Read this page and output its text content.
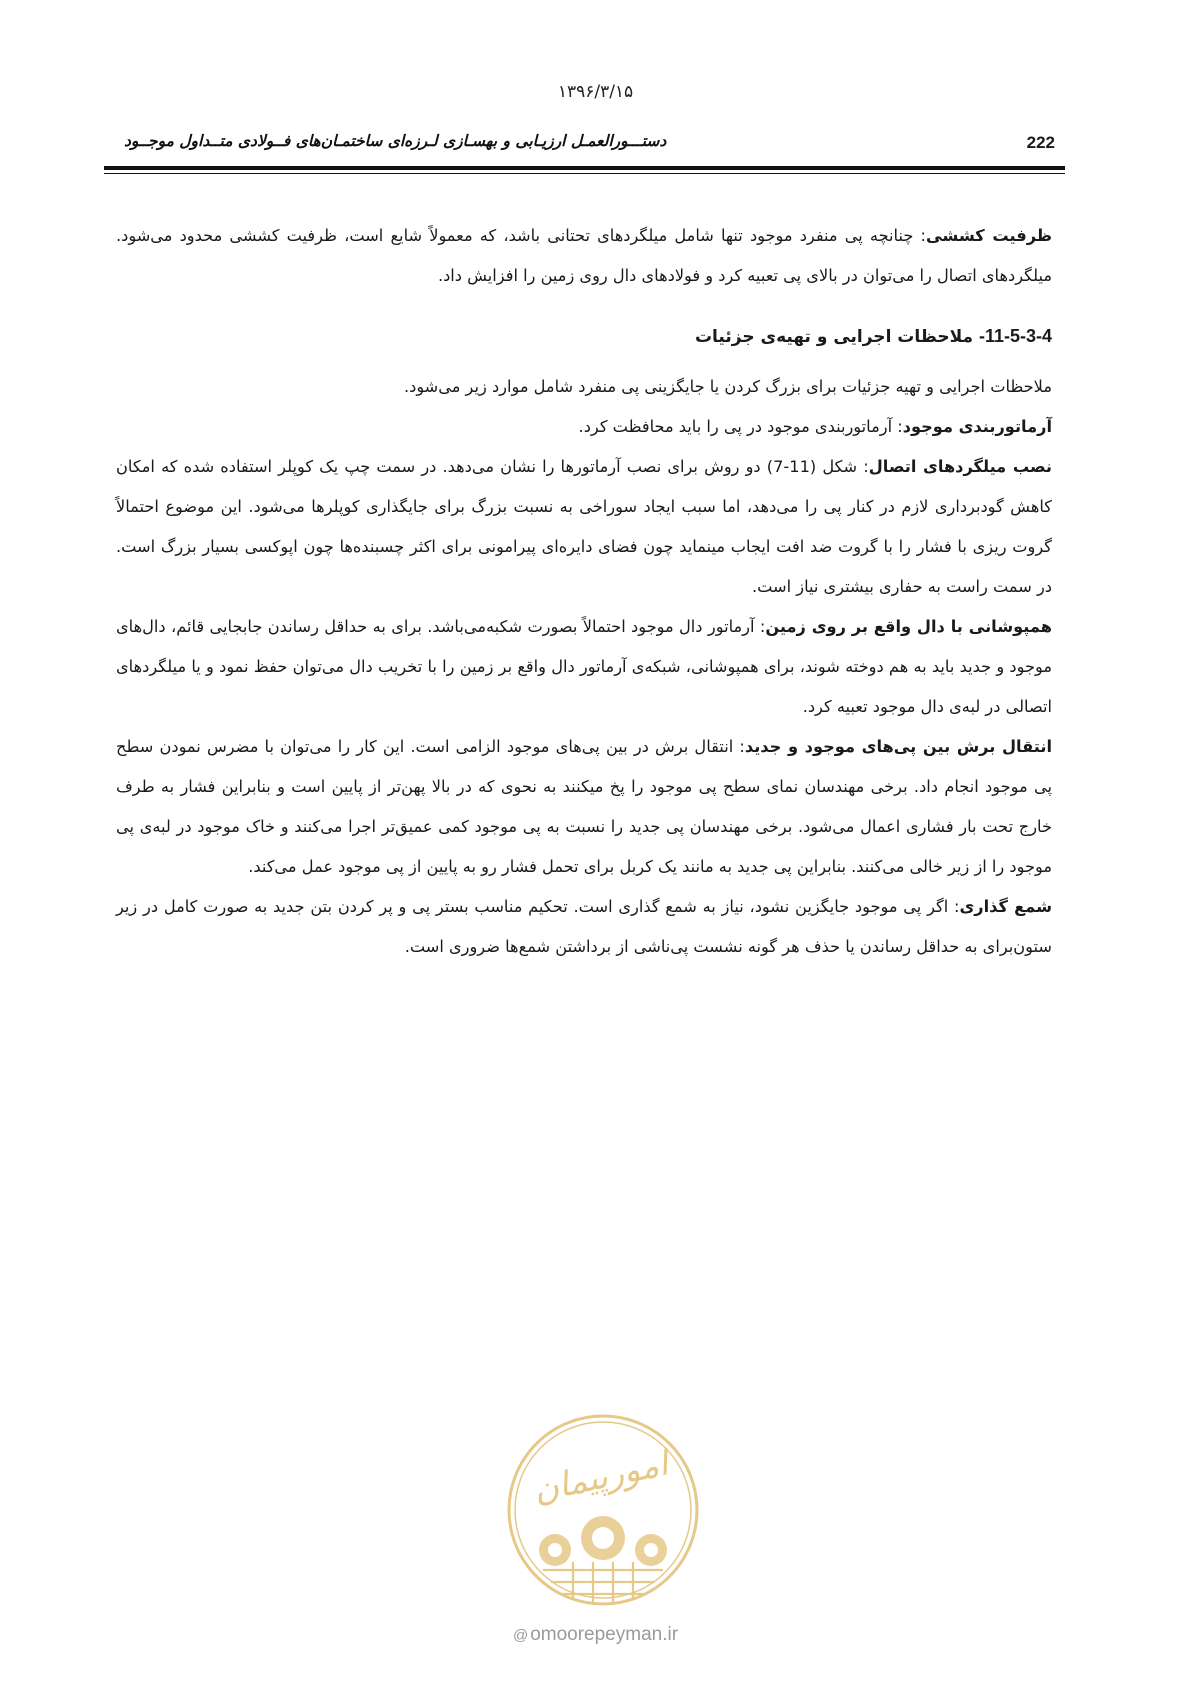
۱۳۹۶/۳/۱۵
دستـــورالعمـل ارزیـابی و بهسـازی لـرزه‌ای ساختمـان‌های فــولادی متــداول موجــود	222

ظرفیت کششی: چنانچه پی منفرد موجود تنها شامل میلگردهای تحتانی باشد، که معمولاً شایع است، ظرفیت کششی محدود می‌شود. میلگردهای اتصال را می‌توان در بالای پی تعبیه کرد و فولادهای دال روی زمین را افزایش داد.

11-5-3-4- ملاحظات اجرایی و تهیه‌ی جزئیات

ملاحظات اجرایی و تهیه جزئیات برای بزرگ کردن یا جایگزینی پی منفرد شامل موارد زیر می‌شود.

آرماتوربندی موجود: آرماتوربندی موجود در پی را باید محافظت کرد.

نصب میلگردهای اتصال: شکل (11-7) دو روش برای نصب آرماتورها را نشان می‌دهد. در سمت چپ یک کوپلر استفاده شده که امکان کاهش گودبرداری لازم در کنار پی را می‌دهد، اما سبب ایجاد سوراخی به نسبت بزرگ برای جایگذاری کوپلرها می‌شود. این موضوع احتمالاً گروت ریزی با فشار را با گروت ضد افت ایجاب مینماید چون فضای دایره‌ای پیرامونی برای اکثر چسبنده‌ها چون اپوکسی بسیار بزرگ است. در سمت راست به حفاری بیشتری نیاز است.

همپوشانی با دال واقع بر روی زمین: آرماتور دال موجود احتمالاً بصورت شکبه‌می‌باشد. برای به حداقل رساندن جابجایی قائم، دال‌های موجود و جدید باید به هم دوخته شوند، برای همپوشانی، شبکه‌ی آرماتور دال واقع بر زمین را با تخریب دال می‌توان حفظ نمود و یا میلگردهای اتصالی در لبه‌ی دال موجود تعبیه کرد.

انتقال برش بین پی‌های موجود و جدید: انتقال برش در بین پی‌های موجود الزامی است. این کار را می‌توان با مضرس نمودن سطح پی موجود انجام داد. برخی مهندسان نمای سطح پی موجود را پخ میکنند به نحوی که در بالا پهن‌تر از پایین است و بنابراین فشار به طرف خارج تحت بار فشاری اعمال می‌شود. برخی مهندسان پی جدید را نسبت به پی موجود کمی عمیق‌تر اجرا می‌کنند و خاک موجود در لبه‌ی پی موجود را از زیر خالی می‌کنند. بنابراین پی جدید به مانند یک کربل برای تحمل فشار رو به پایین از پی موجود عمل می‌کند.

شمع گذاری: اگر پی موجود جایگزین نشود، نیاز به شمع گذاری است. تحکیم مناسب بستر پی و پر کردن بتن جدید به صورت کامل در زیر ستون‌برای به حداقل رساندن یا حذف هر گونه نشست پی‌ناشی از برداشتن شمع‌ها ضروری است.

امورپیمان
@ omoorepeyman.ir
